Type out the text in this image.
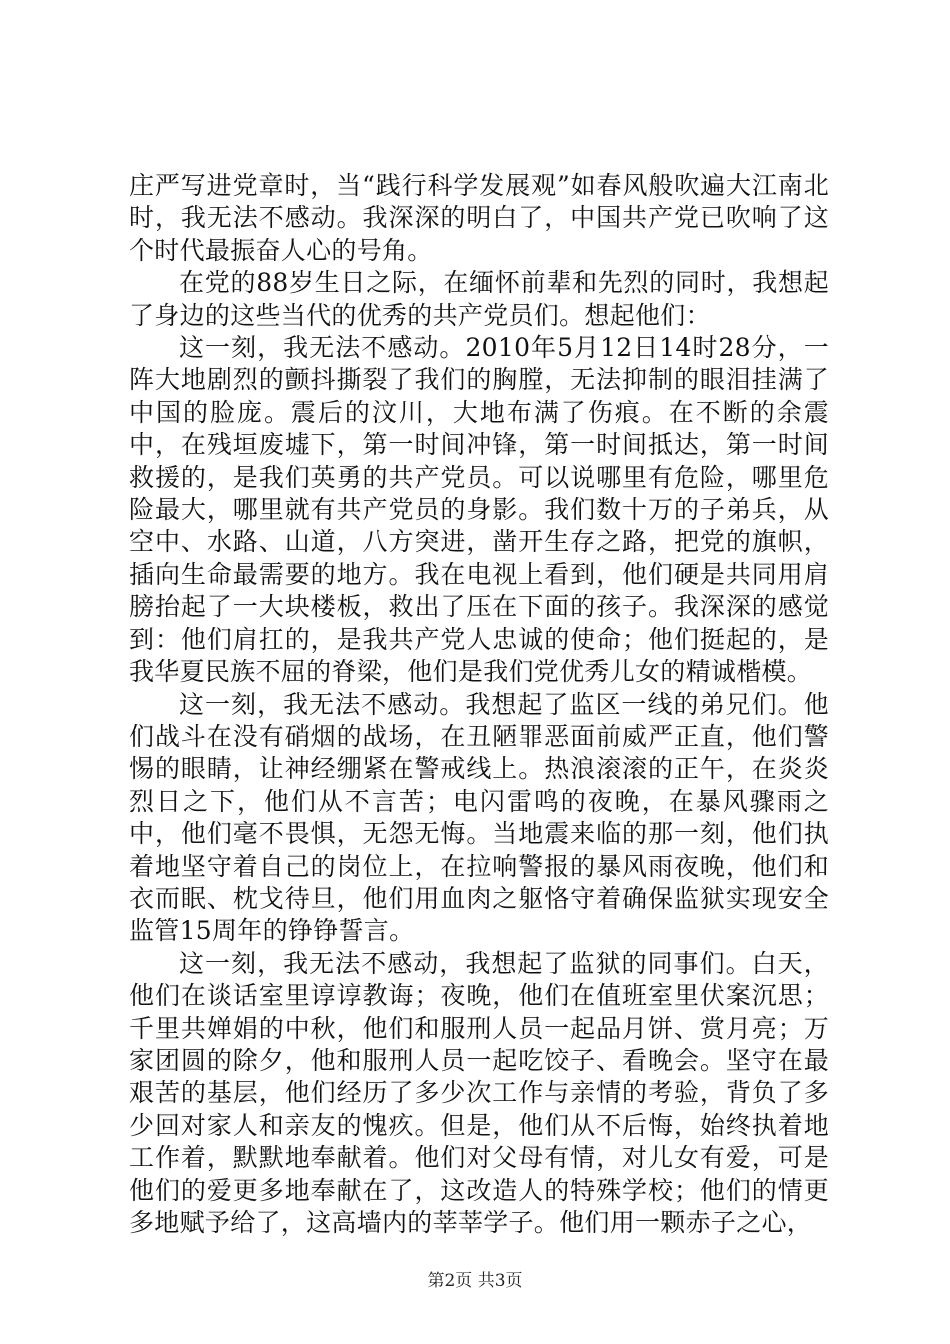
庄严写进党章时，当“践行科学发展观”如春风般吹遍大江南北时，我无法不感动。我深深的明白了，中国共产党已吹响了这个时代最振奋人心的号角。

在党的88岁生日之际，在缅怀前辈和先烈的同时，我想起了身边的这些当代的优秀的共产党员们。想起他们：

这一刻，我无法不感动。2010年5月12日14时28分，一阵大地剧烈的颤抖撕裂了我们的胸膛，无法抑制的眼泪挂满了中国的脸庞。震后的汶川，大地布满了伤痕。在不断的余震中，在残垣废墟下，第一时间冲锋，第一时间抵达，第一时间救援的，是我们英勇的共产党员。可以说哪里有危险，哪里危险最大，哪里就有共产党员的身影。我们数十万的子弟兵，从空中、水路、山道，八方突进，凿开生存之路，把党的旗帜，插向生命最需要的地方。我在电视上看到，他们硬是共同用肩膀抬起了一大块楼板，救出了压在下面的孩子。我深深的感觉到：他们肩扛的，是我共产党人忠诚的使命；他们挺起的，是我华夏民族不屈的脊梁，他们是我们党优秀儿女的精诚楷模。

这一刻，我无法不感动。我想起了监区一线的弟兄们。他们战斗在没有硝烟的战场，在丑陋罪恶面前威严正直，他们警惕的眼睛，让神经绷紧在警戒线上。热浪滚滚的正午，在炎炎烈日之下，他们从不言苦；电闪雷鸣的夜晚，在暴风骤雨之中，他们毫不畏惧，无怨无悔。当地震来临的那一刻，他们执着地坚守着自己的岗位上，在拉响警报的暴风雨夜晚，他们和衣而眠、枕戈待旦，他们用血肉之躯恪守着确保监狱实现安全监管15周年的铮铮誓言。

这一刻，我无法不感动，我想起了监狱的同事们。白天，他们在谈话室里谆谆教诲；夜晚，他们在值班室里伏案沉思；千里共婵娟的中秋，他们和服刑人员一起品月饼、赏月亮；万家团圆的除夕，他和服刑人员一起吃饺子、看晚会。坚守在最艰苦的基层，他们经历了多少次工作与亲情的考验，背负了多少回对家人和亲友的愧疚。但是，他们从不后悔，始终执着地工作着，默默地奉献着。他们对父母有情，对儿女有爱，可是他们的爱更多地奉献在了，这改造人的特殊学校；他们的情更多地赋予给了，这高墙内的莘莘学子。他们用一颗赤子之心，

第2页 共3页
